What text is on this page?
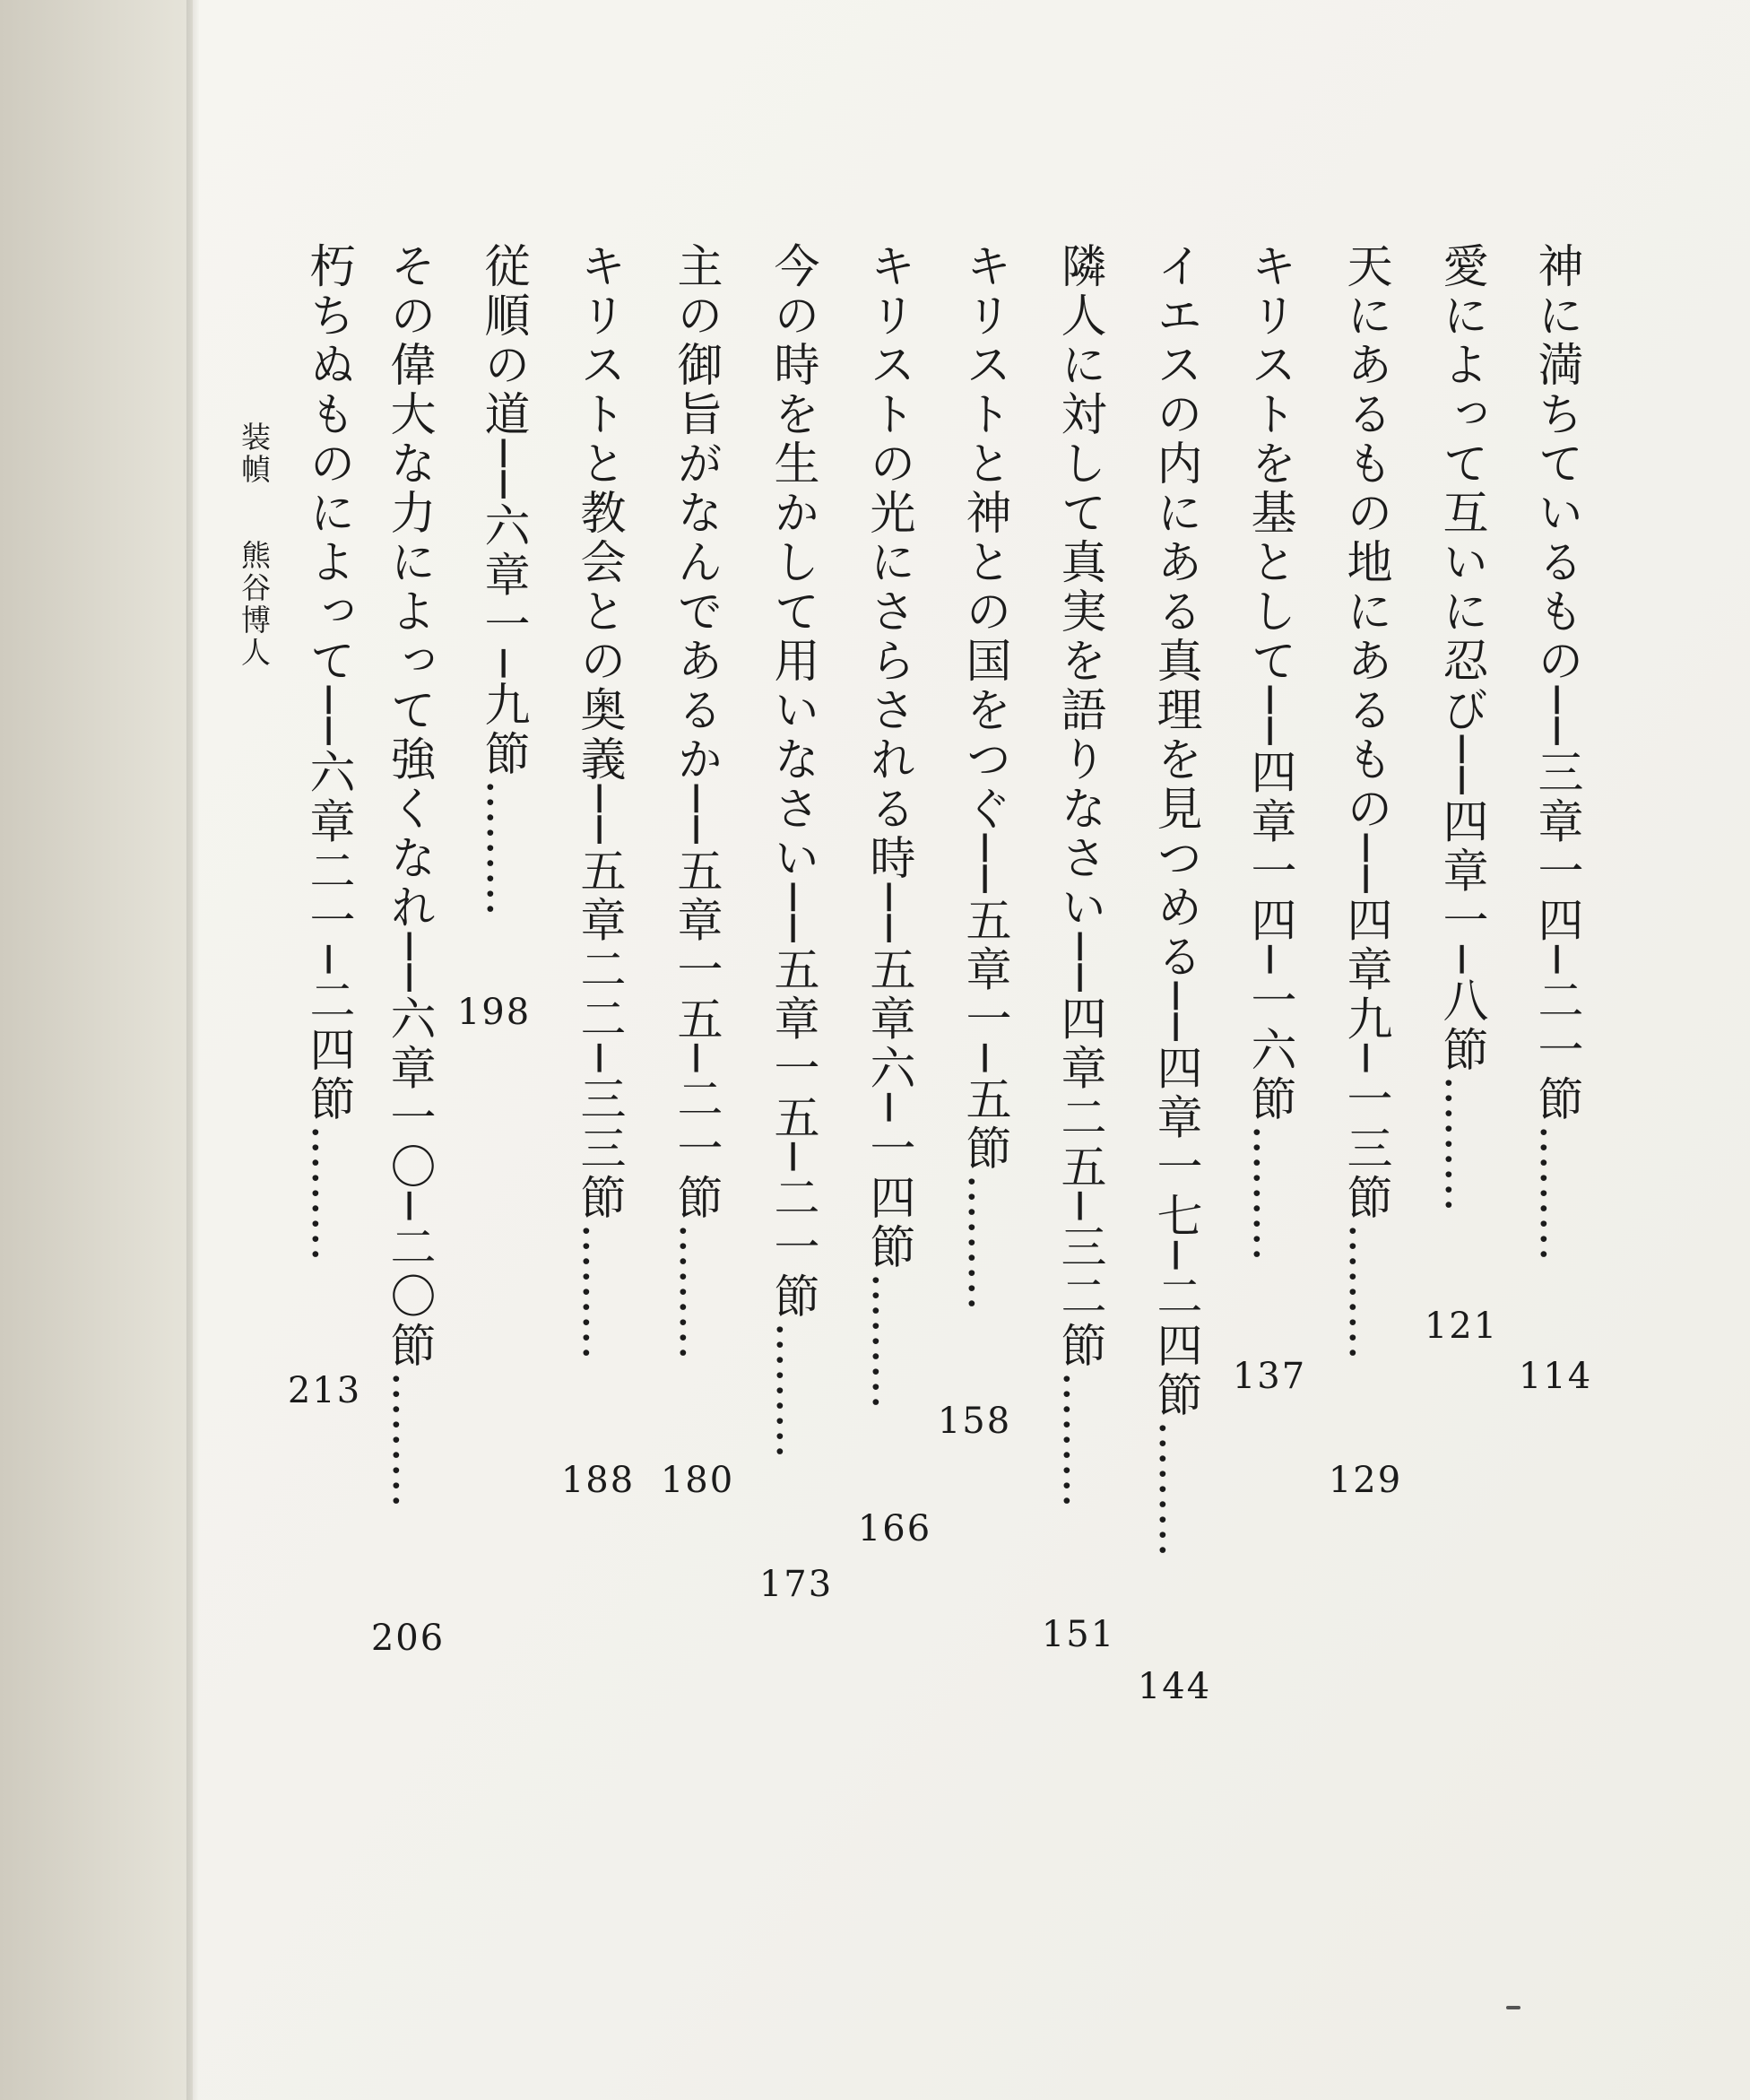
神に満ちているもの──三章一四─二一節………
114
愛によって互いに忍び──四章一─八節………
121
天にあるもの地にあるもの──四章九─一三節………
129
キリストを基として──四章一四─一六節………
137
イエスの内にある真理を見つめる──四章一七─二四節………
144
隣人に対して真実を語りなさい──四章二五─三二節………
151
キリストと神との国をつぐ──五章一─五節………
158
キリストの光にさらされる時──五章六─一四節………
166
今の時を生かして用いなさい──五章一五─二一節………
173
主の御旨がなんであるか──五章一五─二一節………
180
キリストと教会との奥義──五章二二─三三節………
188
従順の道──六章一─九節………
198
その偉大な力によって強くなれ──六章一〇─二〇節………
206
朽ちぬものによって──六章二一─二四節………
213
装幀熊谷博人
